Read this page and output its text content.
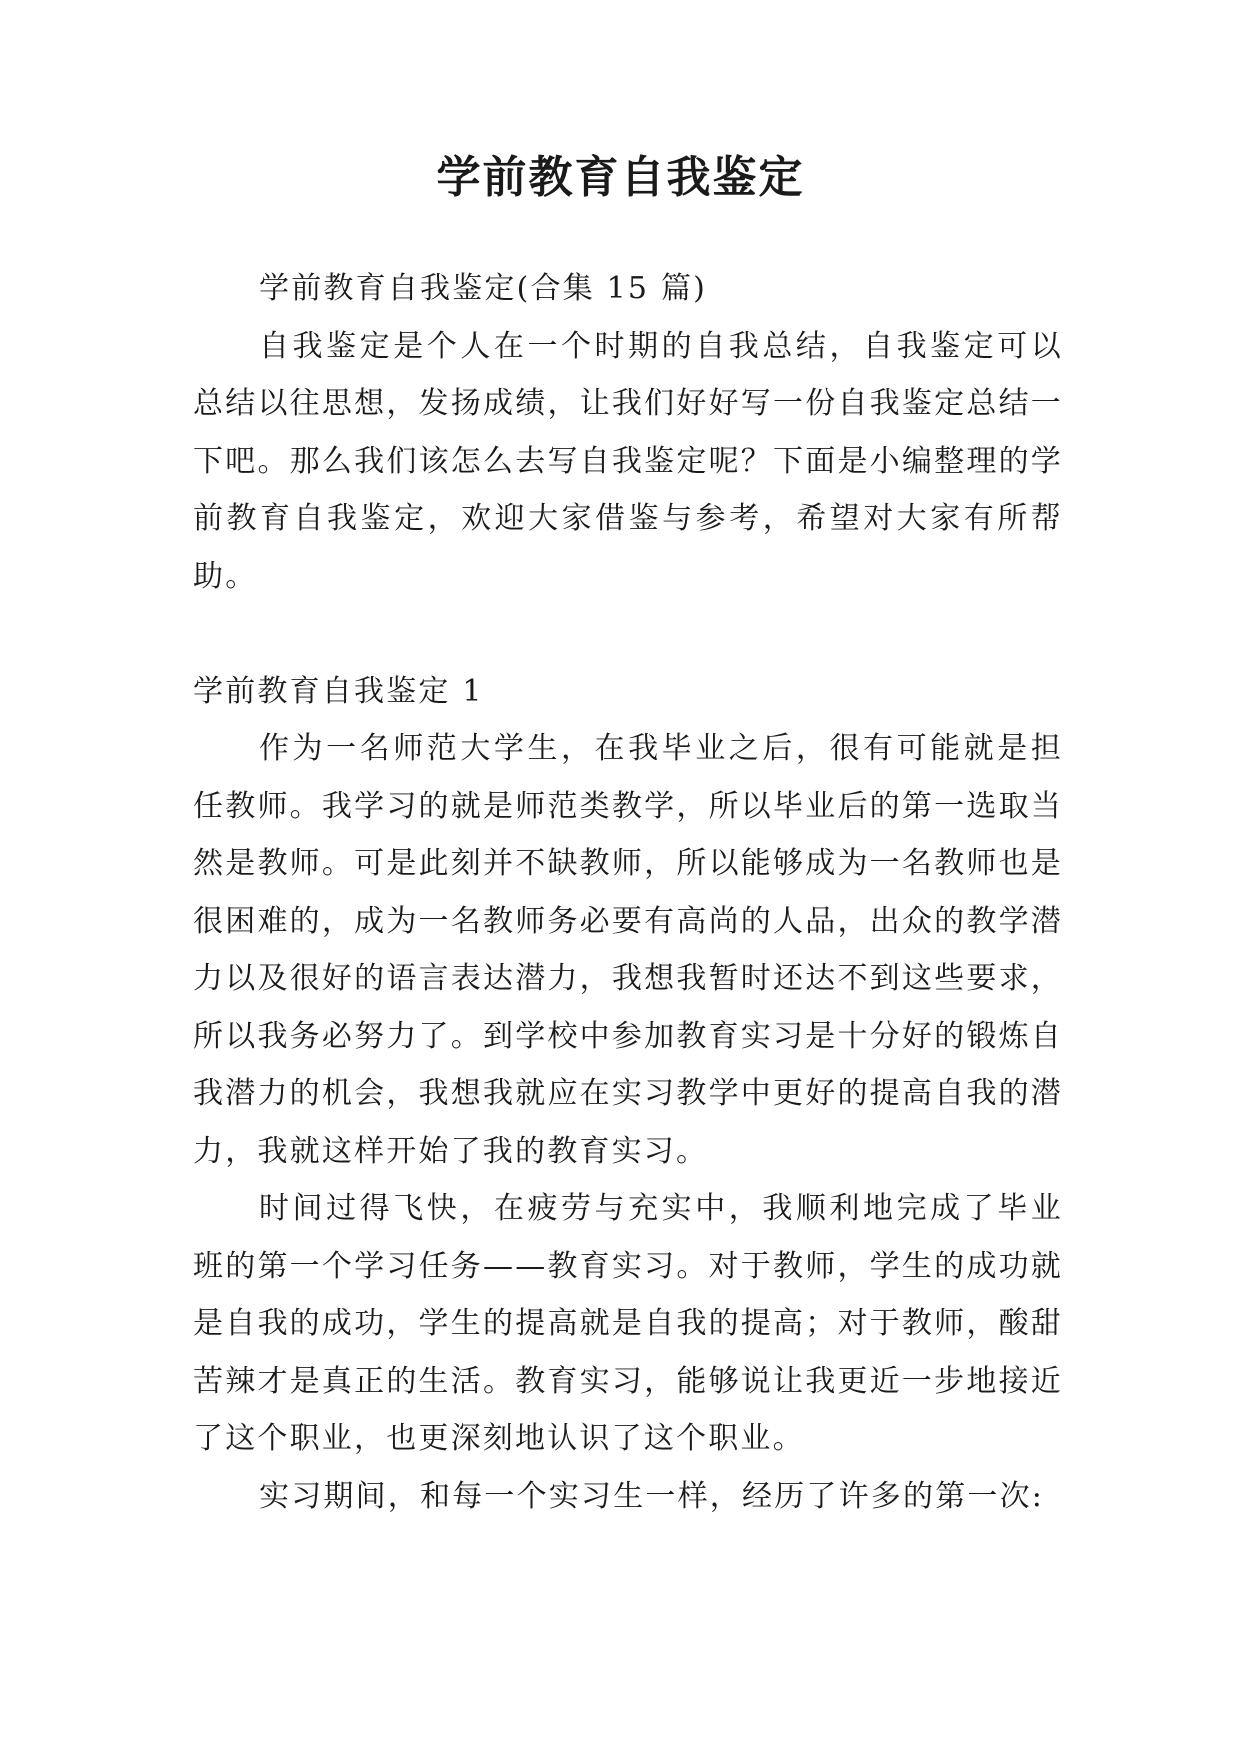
学前教育自我鉴定

学前教育自我鉴定(合集 15 篇)

自我鉴定是个人在一个时期的自我总结，自我鉴定可以总结以往思想，发扬成绩，让我们好好写一份自我鉴定总结一下吧。那么我们该怎么去写自我鉴定呢？下面是小编整理的学前教育自我鉴定，欢迎大家借鉴与参考，希望对大家有所帮助。

学前教育自我鉴定 1

作为一名师范大学生，在我毕业之后，很有可能就是担任教师。我学习的就是师范类教学，所以毕业后的第一选取当然是教师。可是此刻并不缺教师，所以能够成为一名教师也是很困难的，成为一名教师务必要有高尚的人品，出众的教学潜力以及很好的语言表达潜力，我想我暂时还达不到这些要求，所以我务必努力了。到学校中参加教育实习是十分好的锻炼自我潜力的机会，我想我就应在实习教学中更好的提高自我的潜力，我就这样开始了我的教育实习。

时间过得飞快，在疲劳与充实中，我顺利地完成了毕业班的第一个学习任务——教育实习。对于教师，学生的成功就是自我的成功，学生的提高就是自我的提高；对于教师，酸甜苦辣才是真正的生活。教育实习，能够说让我更近一步地接近了这个职业，也更深刻地认识了这个职业。

实习期间，和每一个实习生一样，经历了许多的第一次:
